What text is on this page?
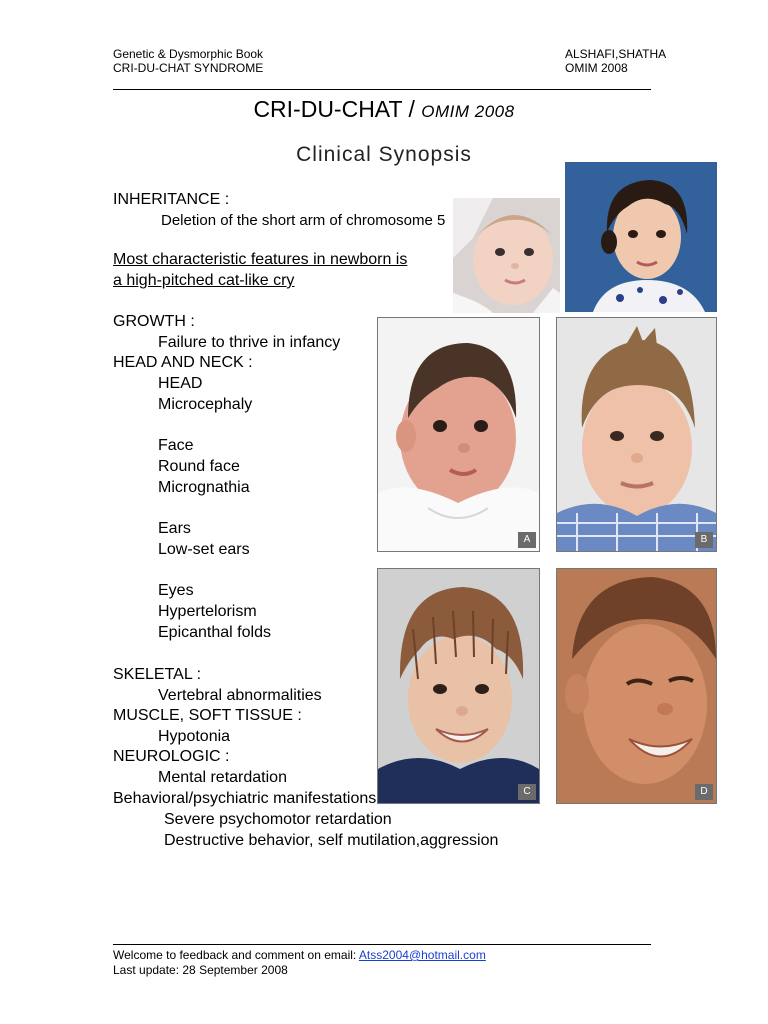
Genetic & Dysmorphic Book
CRI-DU-CHAT SYNDROME
ALSHAFI,SHATHA
OMIM 2008
CRI-DU-CHAT / OMIM 2008
Clinical Synopsis
INHERITANCE :
Deletion of the short arm of chromosome 5
Most characteristic features in newborn is
a high-pitched cat-like cry
GROWTH :
Failure to thrive in infancy
HEAD AND NECK :
HEAD
Microcephaly
Face
Round face
Micrognathia
Ears
Low-set ears
Eyes
Hypertelorism
Epicanthal folds
SKELETAL :
Vertebral abnormalities
MUSCLE, SOFT TISSUE :
Hypotonia
NEUROLOGIC :
Mental retardation
Behavioral/psychiatric manifestations
Severe psychomotor retardation
Destructive behavior, self mutilation,aggression
A	B
C	D
Welcome to feedback and comment on email: Atss2004@hotmail.com
Last update: 28 September 2008
